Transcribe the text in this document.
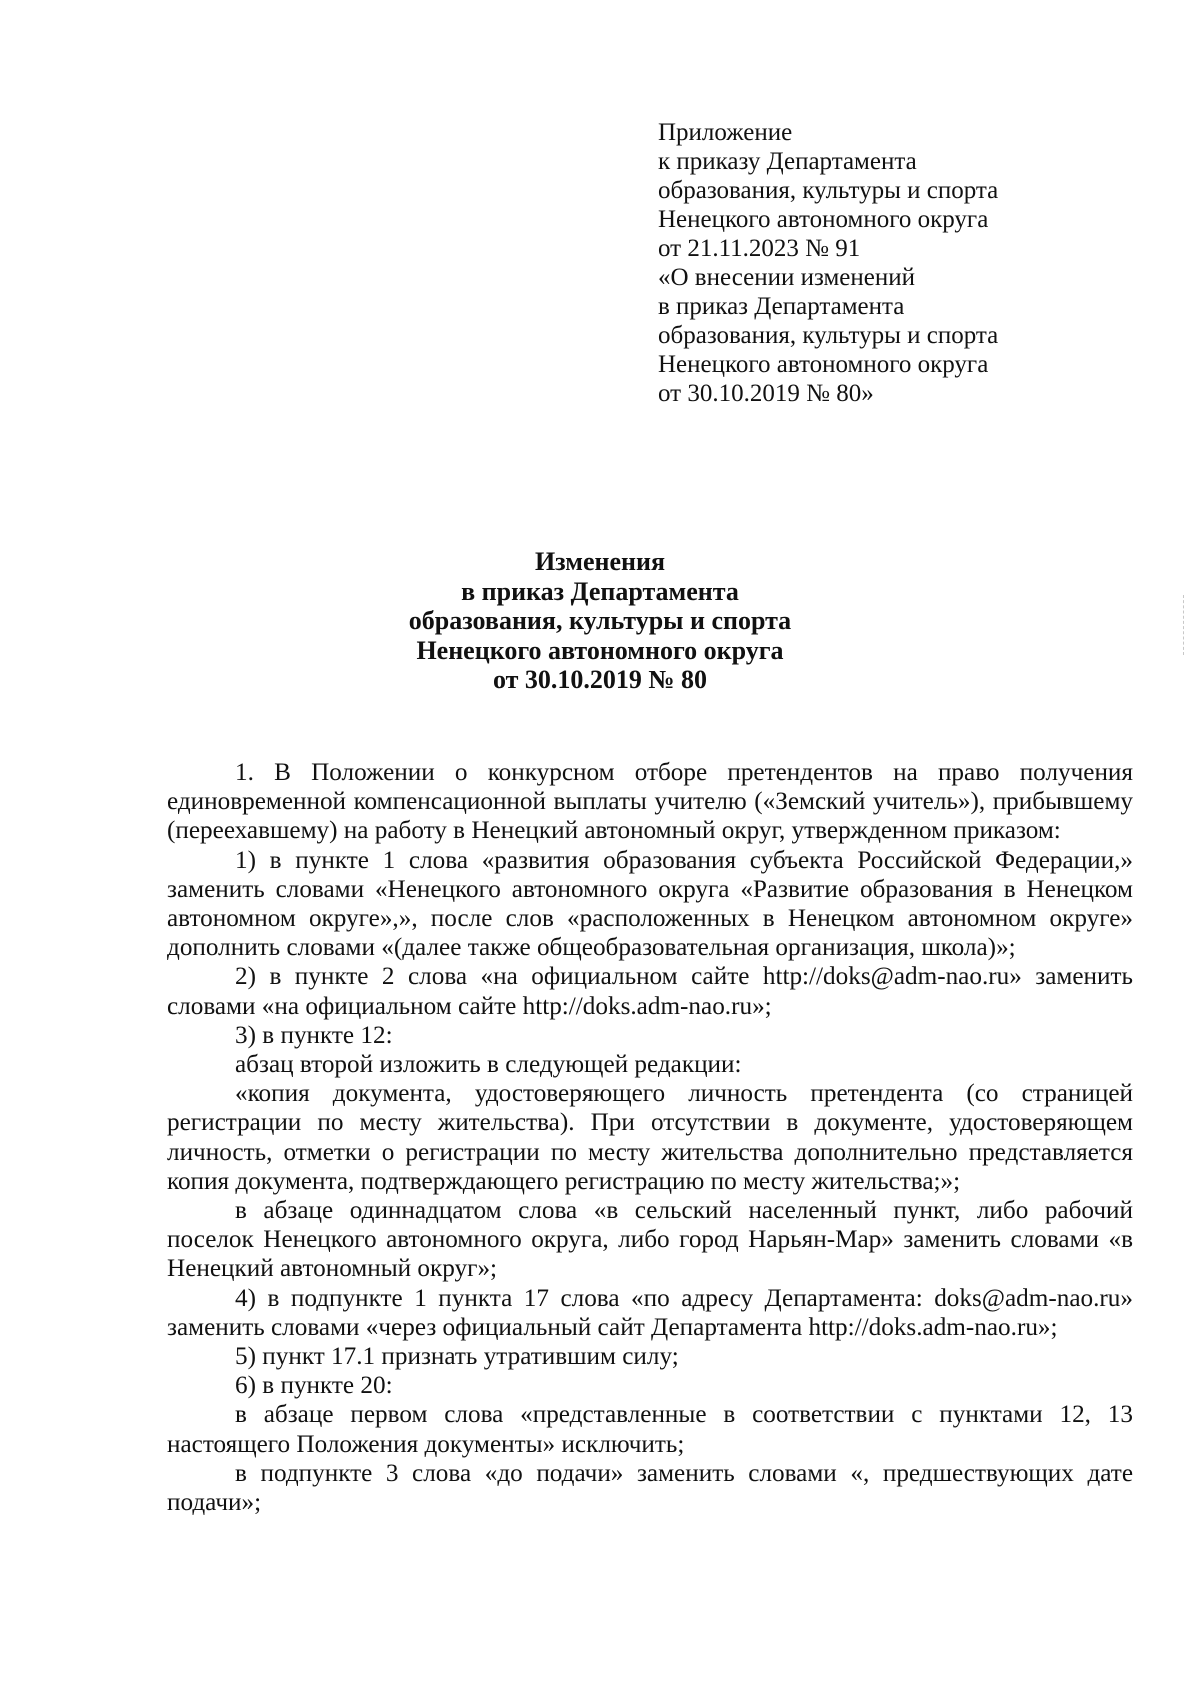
Приложение
к приказу Департамента
образования, культуры и спорта
Ненецкого автономного округа
от 21.11.2023 № 91
«О внесении изменений
в приказ Департамента
образования, культуры и спорта
Ненецкого автономного округа
от 30.10.2019 № 80»
Изменения
в приказ Департамента
образования, культуры и спорта
Ненецкого автономного округа
от 30.10.2019 № 80

1. В Положении о конкурсном отборе претендентов на право получения единовременной компенсационной выплаты учителю («Земский учитель»), прибывшему (переехавшему) на работу в Ненецкий автономный округ, утвержденном приказом:

1) в пункте 1 слова «развития образования субъекта Российской Федерации,» заменить словами «Ненецкого автономного округа «Развитие образования в Ненецком автономном округе»,», после слов «расположенных в Ненецком автономном округе» дополнить словами «(далее также общеобразовательная организация, школа)»;

2) в пункте 2 слова «на официальном сайте http://doks@adm-nao.ru» заменить словами «на официальном сайте http://doks.adm-nao.ru»;

3) в пункте 12:

абзац второй изложить в следующей редакции:

«копия документа, удостоверяющего личность претендента (со страницей регистрации по месту жительства). При отсутствии в документе, удостоверяющем личность, отметки о регистрации по месту жительства дополнительно представляется копия документа, подтверждающего регистрацию по месту жительства;»;

в абзаце одиннадцатом слова «в сельский населенный пункт, либо рабочий поселок Ненецкого автономного округа, либо город Нарьян-Мар» заменить словами «в Ненецкий автономный округ»;

4) в подпункте 1 пункта 17 слова «по адресу Департамента: doks@adm-nao.ru» заменить словами «через официальный сайт Департамента http://doks.adm-nao.ru»;

5) пункт 17.1 признать утратившим силу;

6) в пункте 20:

в абзаце первом слова «представленные в соответствии с пунктами 12, 13 настоящего Положения документы» исключить;

в подпункте 3 слова «до подачи» заменить словами «, предшествующих дате подачи»;
